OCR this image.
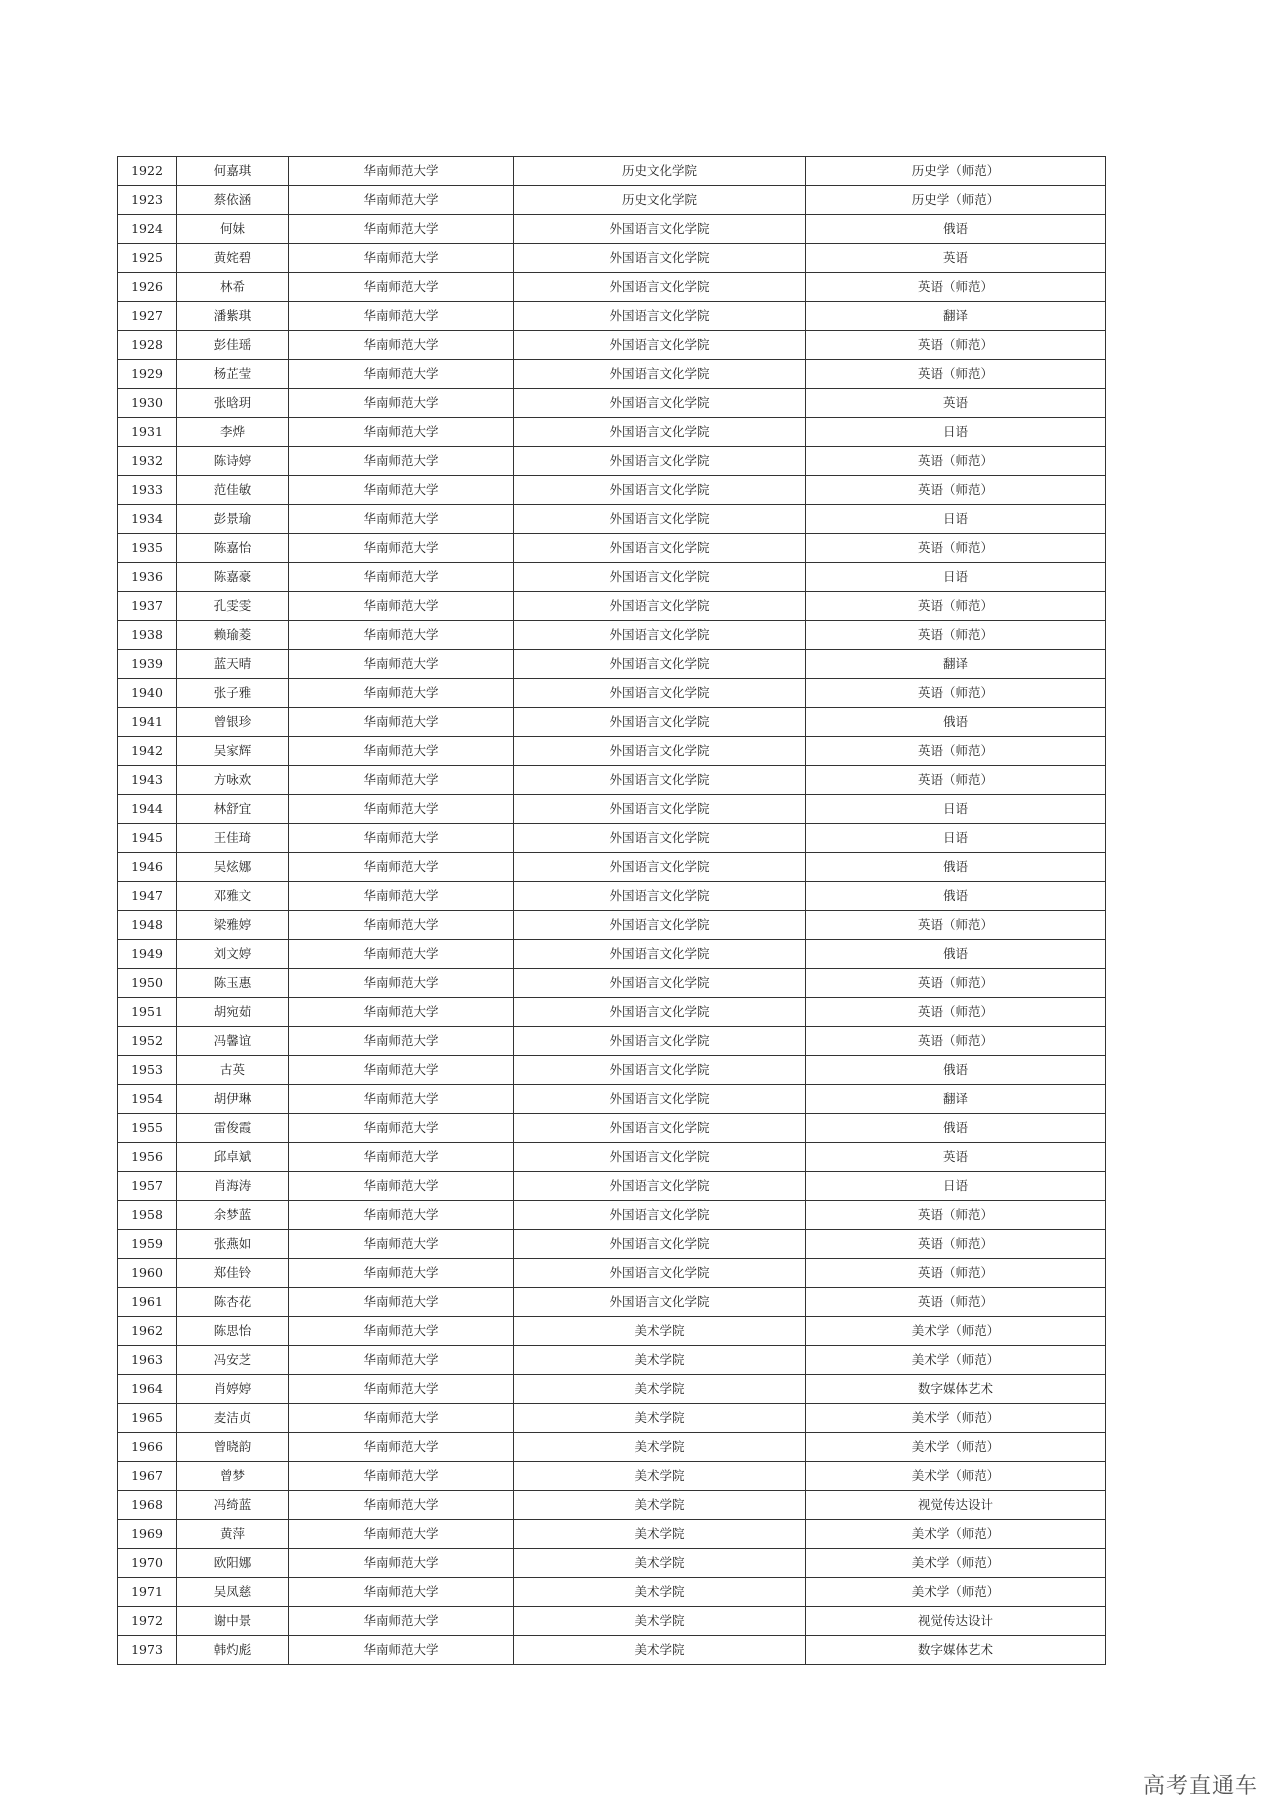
1922	何嘉琪	华南师范大学	历史文化学院	历史学（师范）
1923	蔡依涵	华南师范大学	历史文化学院	历史学（师范）
1924	何妹	华南师范大学	外国语言文化学院	俄语
1925	黄姹碧	华南师范大学	外国语言文化学院	英语
1926	林希	华南师范大学	外国语言文化学院	英语（师范）
1927	潘紫琪	华南师范大学	外国语言文化学院	翻译
1928	彭佳瑶	华南师范大学	外国语言文化学院	英语（师范）
1929	杨芷莹	华南师范大学	外国语言文化学院	英语（师范）
1930	张晗玥	华南师范大学	外国语言文化学院	英语
1931	李烨	华南师范大学	外国语言文化学院	日语
1932	陈诗婷	华南师范大学	外国语言文化学院	英语（师范）
1933	范佳敏	华南师范大学	外国语言文化学院	英语（师范）
1934	彭景瑜	华南师范大学	外国语言文化学院	日语
1935	陈嘉怡	华南师范大学	外国语言文化学院	英语（师范）
1936	陈嘉豪	华南师范大学	外国语言文化学院	日语
1937	孔雯雯	华南师范大学	外国语言文化学院	英语（师范）
1938	赖瑜菱	华南师范大学	外国语言文化学院	英语（师范）
1939	蓝天晴	华南师范大学	外国语言文化学院	翻译
1940	张子雅	华南师范大学	外国语言文化学院	英语（师范）
1941	曾银珍	华南师范大学	外国语言文化学院	俄语
1942	吴家辉	华南师范大学	外国语言文化学院	英语（师范）
1943	方咏欢	华南师范大学	外国语言文化学院	英语（师范）
1944	林舒宜	华南师范大学	外国语言文化学院	日语
1945	王佳琦	华南师范大学	外国语言文化学院	日语
1946	吴炫娜	华南师范大学	外国语言文化学院	俄语
1947	邓雅文	华南师范大学	外国语言文化学院	俄语
1948	梁雅婷	华南师范大学	外国语言文化学院	英语（师范）
1949	刘文婷	华南师范大学	外国语言文化学院	俄语
1950	陈玉惠	华南师范大学	外国语言文化学院	英语（师范）
1951	胡宛茹	华南师范大学	外国语言文化学院	英语（师范）
1952	冯馨谊	华南师范大学	外国语言文化学院	英语（师范）
1953	古英	华南师范大学	外国语言文化学院	俄语
1954	胡伊琳	华南师范大学	外国语言文化学院	翻译
1955	雷俊霞	华南师范大学	外国语言文化学院	俄语
1956	邱卓斌	华南师范大学	外国语言文化学院	英语
1957	肖海涛	华南师范大学	外国语言文化学院	日语
1958	余梦蓝	华南师范大学	外国语言文化学院	英语（师范）
1959	张燕如	华南师范大学	外国语言文化学院	英语（师范）
1960	郑佳铃	华南师范大学	外国语言文化学院	英语（师范）
1961	陈杏花	华南师范大学	外国语言文化学院	英语（师范）
1962	陈思怡	华南师范大学	美术学院	美术学（师范）
1963	冯安芝	华南师范大学	美术学院	美术学（师范）
1964	肖婷婷	华南师范大学	美术学院	数字媒体艺术
1965	麦洁贞	华南师范大学	美术学院	美术学（师范）
1966	曾晓韵	华南师范大学	美术学院	美术学（师范）
1967	曾梦	华南师范大学	美术学院	美术学（师范）
1968	冯绮蓝	华南师范大学	美术学院	视觉传达设计
1969	黄萍	华南师范大学	美术学院	美术学（师范）
1970	欧阳娜	华南师范大学	美术学院	美术学（师范）
1971	吴凤慈	华南师范大学	美术学院	美术学（师范）
1972	谢中景	华南师范大学	美术学院	视觉传达设计
1973	韩灼彪	华南师范大学	美术学院	数字媒体艺术
高考直通车
